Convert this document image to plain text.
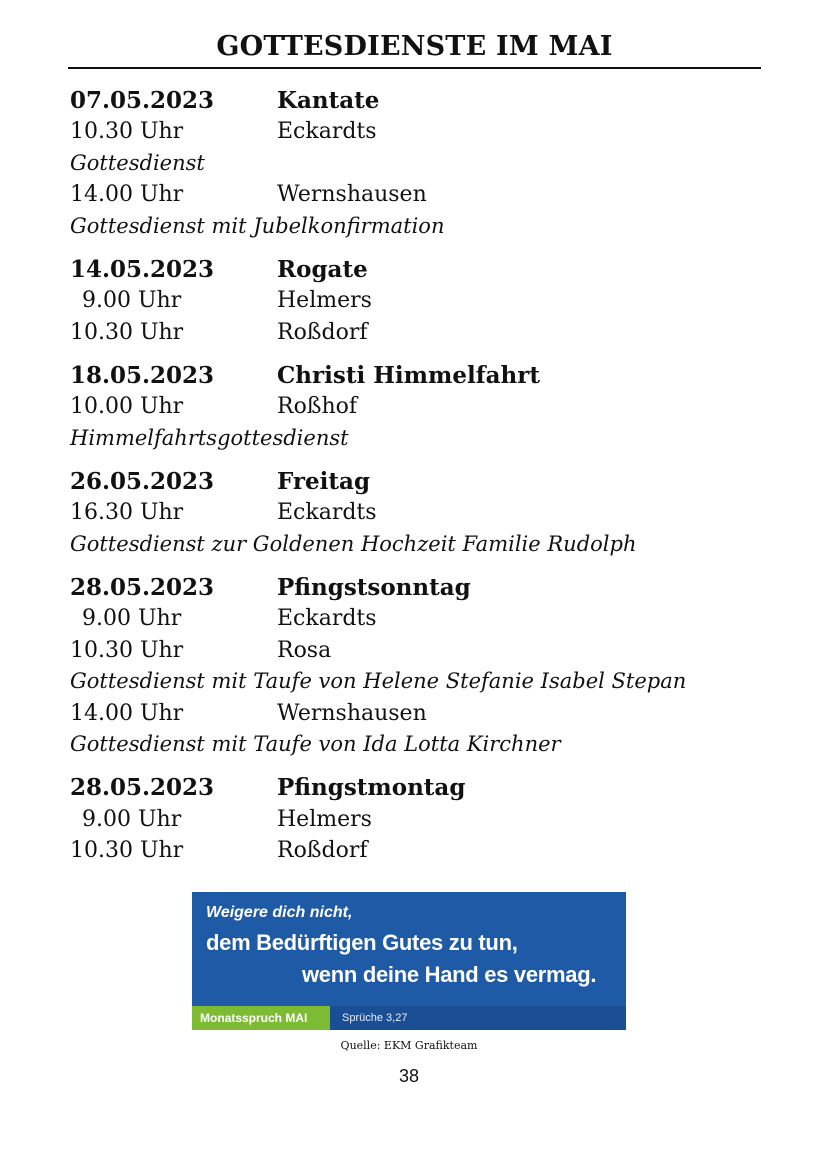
GOTTESDIENSTE IM MAI
07.05.2023	Kantate
10.30 Uhr	Eckardts
Gottesdienst
14.00 Uhr	Wernshausen
Gottesdienst mit Jubelkonfirmation
14.05.2023	Rogate
9.00 Uhr	Helmers
10.30 Uhr	Roßdorf
18.05.2023	Christi Himmelfahrt
10.00 Uhr	Roßhof
Himmelfahrtsgottesdienst
26.05.2023	Freitag
16.30 Uhr	Eckardts
Gottesdienst zur Goldenen Hochzeit Familie Rudolph
28.05.2023	Pfingstsonntag
9.00 Uhr	Eckardts
10.30 Uhr	Rosa
Gottesdienst mit Taufe von Helene Stefanie Isabel Stepan
14.00 Uhr	Wernshausen
Gottesdienst mit Taufe von Ida Lotta Kirchner
28.05.2023	Pfingstmontag
9.00 Uhr	Helmers
10.30 Uhr	Roßdorf
Weigere dich nicht,
dem Bedürftigen Gutes zu tun,
wenn deine Hand es vermag.
Monatsspruch MAI	Sprüche 3,27
Quelle: EKM Grafikteam
38
